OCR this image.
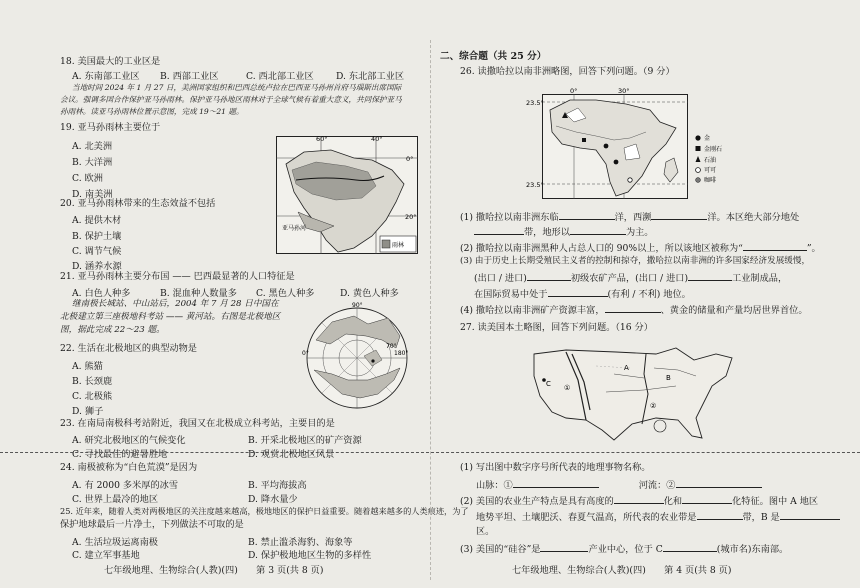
18. 美国最大的工业区是
A. 东南部工业区 B. 西部工业区	C. 西北部工业区 D. 东北部工业区
当地时间 2024 年 1 月 27 日，美洲国家组织和巴西总统卢拉在巴西亚马孙州首府马瑙斯出席国际
会议。强调多国合作保护亚马孙雨林。保护亚马孙地区雨林对于全球气候有着重大意义，共同保护亚马
孙雨林。读亚马孙雨林位置示意图，完成 19～21 题。
19. 亚马孙雨林主要位于
A. 北美洲
B. 大洋洲
C. 欧洲
D. 南美洲
20. 亚马孙雨林带来的生态效益不包括
A. 提供木材
B. 保护土壤
C. 调节气候
D. 涵养水源
21. 亚马孙雨林主要分布国 —— 巴西最显著的人口特征是
A. 白色人种多	B. 混血种人数量多 C. 黑色人种多	D. 黄色人种多
继南极长城站、中山站后，2004 年 7 月 28 日中国在
北极建立第三座极地科考站 —— 黄河站。右图是北极地区
图，据此完成 22～23 题。
22. 生活在北极地区的典型动物是
A. 熊猫
B. 长颈鹿
C. 北极熊
D. 狮子
23. 在南局南极科考站附近，我国又在北极成立科考站，主要目的是
A. 研究北极地区的气候变化	B. 开采北极地区的矿产资源
C. 寻找最佳的避暑胜地	D. 观赏北极地区风景
24. 南极被称为“白色荒漠”是因为
A. 有 2000 多米厚的冰雪	B. 平均海拔高
C. 世界上最冷的地区	D. 降水量少
25. 近年来，随着人类对两极地区的关注度越来越高，极地地区的保护日益重要。随着越来越多的人类痕迹，为了
保护地球最后一片净土，下列做法不可取的是
A. 生活垃圾运离南极	B. 禁止滥杀海豹、海象等
C. 建立军事基地	D. 保护极地地区生物的多样性
七年级地理、生物综合(人教)(四)　　第 3 页(共 8 页)
雨林
60°	40°
0°
20°
亚马孙河
90°
180°
0°
70°
二、综合题（共 25 分）
26. 读撒哈拉以南非洲略图，回答下列问题。（9 分）
23.5°
23.5°
0°	30°
金
金刚石
石油
可可
咖啡
(1) 撒哈拉以南非洲东临	洋，西濒	洋。本区绝大部分地处
带，地形以	为主。
(2) 撒哈拉以南非洲黑种人占总人口的 90%以上，所以该地区被称为“	”。
(3) 由于历史上长期受殖民主义者的控制和掠夺，撒哈拉以南非洲的许多国家经济发展缓慢，
(出口 / 进口)	初级农矿产品，(出口 / 进口)	工业制成品，
在国际贸易中处于	(有利 / 不利) 地位。
(4) 撒哈拉以南非洲矿产资源丰富，	、黄金的储量和产量均居世界首位。
27. 读美国本土略图，回答下列问题。（16 分）
①
②
A
B
C
(1) 写出图中数字序号所代表的地理事物名称。
山脉：①	河流：②
(2) 美国的农业生产特点是具有高度的	化和	化特征。图中 A 地区
地势平坦、土壤肥沃、春夏气温高，所代表的农业带是	带，B 是
区。
(3) 美国的“硅谷”是	产业中心，位于 C	(城市名)东南部。
七年级地理、生物综合(人教)(四)　　第 4 页(共 8 页)
